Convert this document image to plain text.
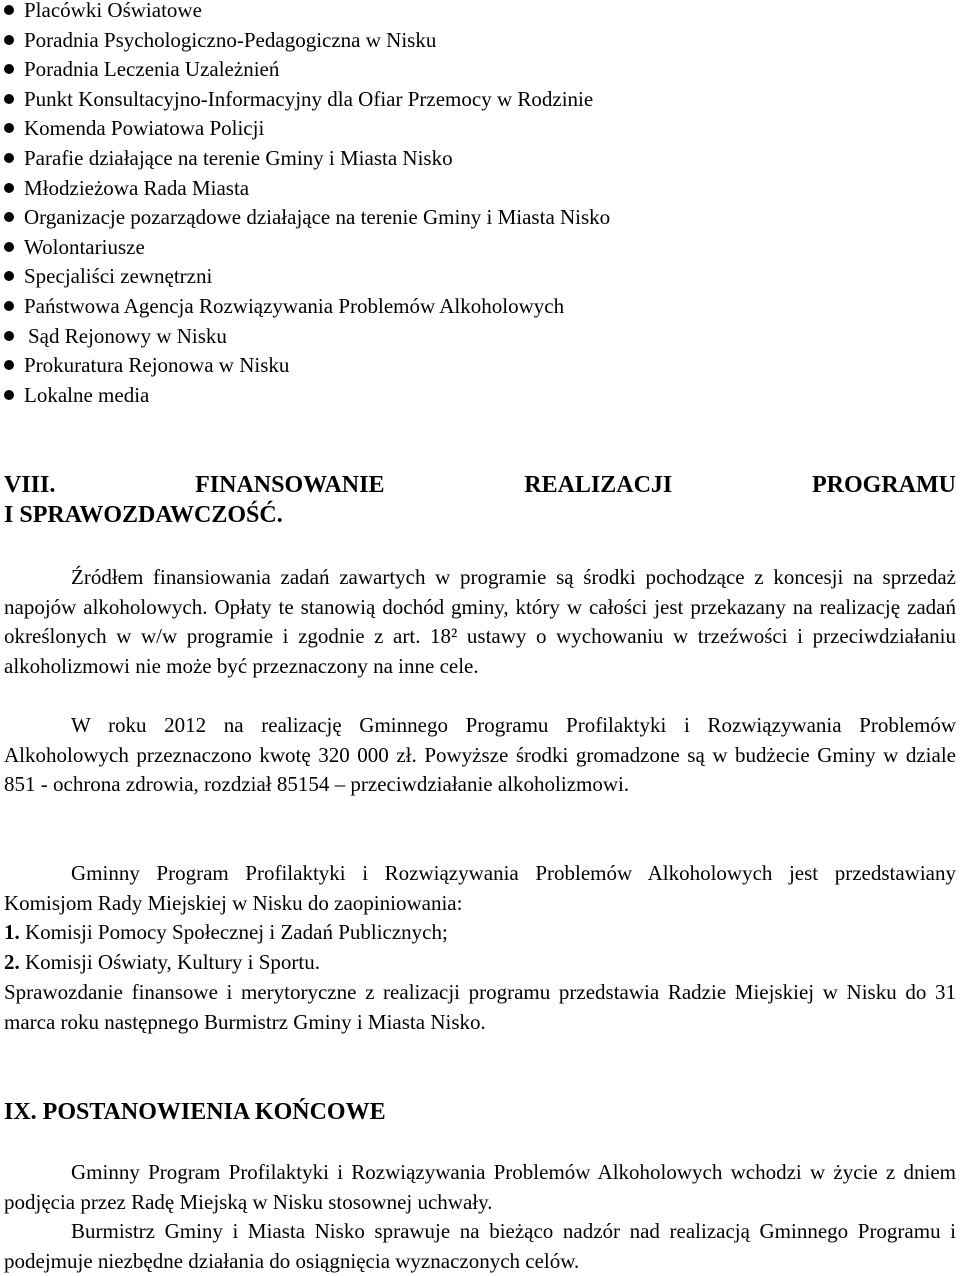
Placówki Oświatowe
Poradnia Psychologiczno-Pedagogiczna w Nisku
Poradnia Leczenia Uzależnień
Punkt Konsultacyjno-Informacyjny dla Ofiar Przemocy w Rodzinie
Komenda Powiatowa Policji
Parafie działające na terenie Gminy i Miasta Nisko
Młodzieżowa Rada Miasta
Organizacje pozarządowe działające na terenie Gminy i Miasta Nisko
Wolontariusze
Specjaliści zewnętrzni
Państwowa Agencja Rozwiązywania Problemów Alkoholowych
Sąd Rejonowy w Nisku
Prokuratura Rejonowa w Nisku
Lokalne media
VIII.	FINANSOWANIE	REALIZACJI	PROGRAMU
I SPRAWOZDAWCZOŚĆ.

Źródłem finansiowania zadań zawartych w programie są środki pochodzące z koncesji na sprzedaż napojów alkoholowych. Opłaty te stanowią dochód gminy, który w całości jest przekazany na realizację zadań określonych w w/w programie i zgodnie z art. 18² ustawy o wychowaniu w trzeźwości i przeciwdziałaniu alkoholizmowi nie może być przeznaczony na inne cele.

W roku 2012 na realizację Gminnego Programu Profilaktyki i Rozwiązywania Problemów Alkoholowych przeznaczono kwotę 320 000 zł. Powyższe środki gromadzone są w budżecie Gminy w dziale 851 - ochrona zdrowia, rozdział 85154 – przeciwdziałanie alkoholizmowi.

Gminny Program Profilaktyki i Rozwiązywania Problemów Alkoholowych jest przedstawiany Komisjom Rady Miejskiej w Nisku do zaopiniowania:

1. Komisji Pomocy Społecznej i Zadań Publicznych;

2. Komisji Oświaty, Kultury i Sportu.

Sprawozdanie finansowe i merytoryczne z realizacji programu przedstawia Radzie Miejskiej w Nisku do 31 marca roku następnego Burmistrz Gminy i Miasta Nisko.

IX. POSTANOWIENIA KOŃCOWE

Gminny Program Profilaktyki i Rozwiązywania Problemów Alkoholowych wchodzi w życie z dniem podjęcia przez Radę Miejską w Nisku stosownej uchwały.

Burmistrz Gminy i Miasta Nisko sprawuje na bieżąco nadzór nad realizacją Gminnego Programu i podejmuje niezbędne działania do osiągnięcia wyznaczonych celów.
